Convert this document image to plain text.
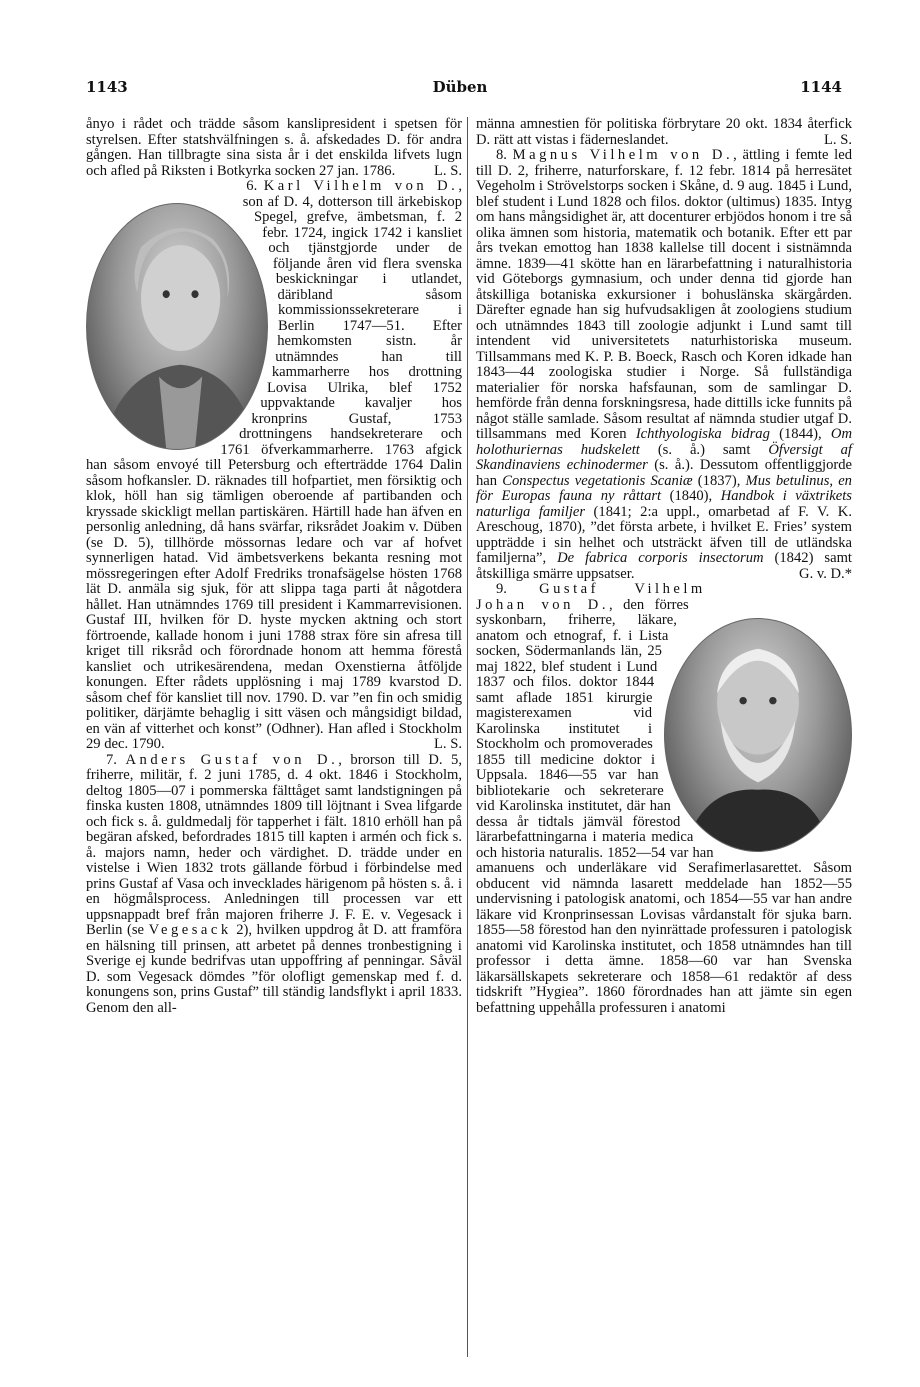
1143	Düben	1144

ånyo i rådet och trädde såsom kanslipresident i spetsen för styrelsen. Efter statshvälfningen s. å. afskedades D. för andra gången. Han tillbragte sina sista år i det enskilda lifvets lugn och afled på Riksten i Botkyrka socken 27 jan. 1786.	L. S.

6. Karl Vilhelm von D., son af D. 4, dotterson till ärkebiskop Spegel, grefve, ämbetsman, f. 2 febr. 1724, ingick 1742 i kansliet och tjänstgjorde under de följande åren vid flera svenska beskickningar i utlandet, däribland såsom kommissionssekreterare i Berlin 1747—51. Efter hemkomsten sistn. år utnämndes han till kammarherre hos drottning Lovisa Ulrika, blef 1752 uppvaktande kavaljer hos kronprins Gustaf, 1753 drottningens handsekreterare och 1761 öfverkammarherre. 1763 afgick han såsom envoyé till Petersburg och efterträdde 1764 Dalin såsom hofkansler. D. räknades till hofpartiet, men försiktig och klok, höll han sig tämligen oberoende af partibanden och kryssade skickligt mellan partiskären. Härtill hade han äfven en personlig anledning, då hans svärfar, riksrådet Joakim v. Düben (se D. 5), tillhörde mössornas ledare och var af hofvet synnerligen hatad. Vid ämbetsverkens bekanta resning mot mössregeringen efter Adolf Fredriks tronafsägelse hösten 1768 lät D. anmäla sig sjuk, för att slippa taga parti åt någotdera hållet. Han utnämndes 1769 till president i Kammarrevisionen. Gustaf III, hvilken för D. hyste mycken aktning och stort förtroende, kallade honom i juni 1788 strax före sin afresa till kriget till riksråd och förordnade honom att hemma förestå kansliet och utrikesärendena, medan Oxenstierna åtföljde konungen. Efter rådets upplösning i maj 1789 kvarstod D. såsom chef för kansliet till nov. 1790. D. var ”en fin och smidig politiker, därjämte behaglig i sitt väsen och mångsidigt bildad, en vän af vitterhet och konst” (Odhner). Han afled i Stockholm 29 dec. 1790.	L. S.

7. Anders Gustaf von D., brorson till D. 5, friherre, militär, f. 2 juni 1785, d. 4 okt. 1846 i Stockholm, deltog 1805—07 i pommerska fälttåget samt landstigningen på finska kusten 1808, utnämndes 1809 till löjtnant i Svea lifgarde och fick s. å. guldmedalj för tapperhet i fält. 1810 erhöll han på begäran afsked, befordrades 1815 till kapten i armén och fick s. å. majors namn, heder och värdighet. D. trädde under en vistelse i Wien 1832 trots gällande förbud i förbindelse med prins Gustaf af Vasa och invecklades härigenom på hösten s. å. i en högmålsprocess. Anledningen till processen var ett uppsnappadt bref från majoren friherre J. F. E. v. Vegesack i Berlin (se Vegesack 2), hvilken uppdrog åt D. att framföra en hälsning till prinsen, att arbetet på dennes tronbestigning i Sverige ej kunde bedrifvas utan uppoffring af penningar. Såväl D. som Vegesack dömdes ”för olofligt gemenskap med f. d. konungens son, prins Gustaf” till ständig landsflykt i april 1833. Genom den all-

männa amnestien för politiska förbrytare 20 okt. 1834 återfick D. rätt att vistas i fäderneslandet.	L. S.

8. Magnus Vilhelm von D., ättling i femte led till D. 2, friherre, naturforskare, f. 12 febr. 1814 på herresätet Vegeholm i Strövelstorps socken i Skåne, d. 9 aug. 1845 i Lund, blef student i Lund 1828 och filos. doktor (ultimus) 1835. Intyg om hans mångsidighet är, att docenturer erbjödos honom i tre så olika ämnen som historia, matematik och botanik. Efter ett par års tvekan emottog han 1838 kallelse till docent i sistnämnda ämne. 1839—41 skötte han en lärarbefattning i naturalhistoria vid Göteborgs gymnasium, och under denna tid gjorde han åtskilliga botaniska exkursioner i bohuslänska skärgården. Därefter egnade han sig hufvudsakligen åt zoologiens studium och utnämndes 1843 till zoologie adjunkt i Lund samt till intendent vid universitetets naturhistoriska museum. Tillsammans med K. P. B. Boeck, Rasch och Koren idkade han 1843—44 zoologiska studier i Norge. Så fullständiga materialier för norska hafsfaunan, som de samlingar D. hemförde från denna forskningsresa, hade dittills icke funnits på något ställe samlade. Såsom resultat af nämnda studier utgaf D. tillsammans med Koren Ichthyologiska bidrag (1844), Om holothuriernas hudskelett (s. å.) samt Öfversigt af Skandinaviens echinodermer (s. å.). Dessutom offentliggjorde han Conspectus vegetationis Scaniæ (1837), Mus betulinus, en för Europas fauna ny råttart (1840), Handbok i växtrikets naturliga familjer (1841; 2:a uppl., omarbetad af F. V. K. Areschoug, 1870), ”det första arbete, i hvilket E. Fries’ system uppträdde i sin helhet och utsträckt äfven till de utländska familjerna”, De fabrica corporis insectorum (1842) samt åtskilliga smärre uppsatser.	G. v. D.*

9. Gustaf Vilhelm Johan von D., den förres syskonbarn, friherre, läkare, anatom och etnograf, f. i Lista socken, Södermanlands län, 25 maj 1822, blef student i Lund 1837 och filos. doktor 1844 samt aflade 1851 kirurgie magisterexamen vid Karolinska institutet i Stockholm och promoverades 1855 till medicine doktor i Uppsala. 1846—55 var han bibliotekarie och sekreterare vid Karolinska institutet, där han dessa år tidtals jämväl förestod lärarbefattningarna i materia medica och historia naturalis. 1852—54 var han amanuens och underläkare vid Serafimerlasarettet. Såsom obducent vid nämnda lasarett meddelade han 1852—55 undervisning i patologisk anatomi, och 1854—55 var han andre läkare vid Kronprinsessan Lovisas vårdanstalt för sjuka barn. 1855—58 förestod han den nyinrättade professuren i patologisk anatomi vid Karolinska institutet, och 1858 utnämndes han till professor i detta ämne. 1858—60 var han Svenska läkarsällskapets sekreterare och 1858—61 redaktör af dess tidskrift ”Hygiea”. 1860 förordnades han att jämte sin egen befattning uppehålla professuren i anatomi
